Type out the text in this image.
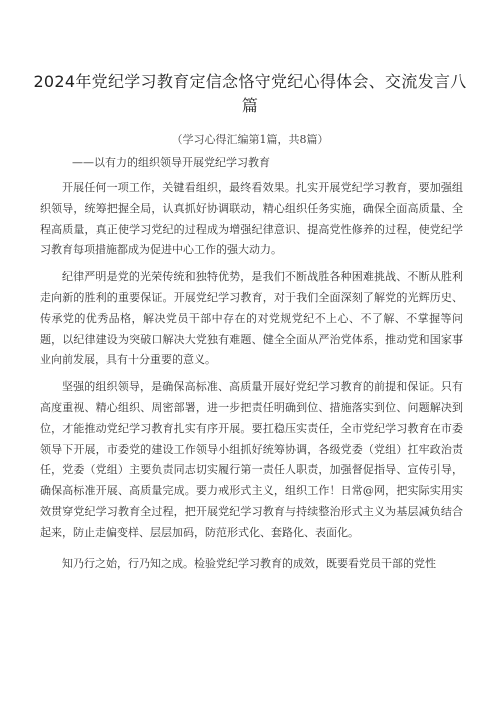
2024年党纪学习教育定信念恪守党纪心得体会、交流发言八篇
（学习心得汇编第1篇，共8篇）
——以有力的组织领导开展党纪学习教育

开展任何一项工作，关键看组织，最终看效果。扎实开展党纪学习教育，要加强组织领导，统筹把握全局，认真抓好协调联动，精心组织任务实施，确保全面高质量、全程高质量，真正使学习党纪的过程成为增强纪律意识、提高党性修养的过程，使党纪学习教育每项措施都成为促进中心工作的强大动力。

纪律严明是党的光荣传统和独特优势，是我们不断战胜各种困难挑战、不断从胜利走向新的胜利的重要保证。开展党纪学习教育，对于我们全面深刻了解党的光辉历史、传承党的优秀品格，解决党员干部中存在的对党规党纪不上心、不了解、不掌握等问题，以纪律建设为突破口解决大党独有难题、健全全面从严治党体系，推动党和国家事业向前发展，具有十分重要的意义。

坚强的组织领导，是确保高标准、高质量开展好党纪学习教育的前提和保证。只有高度重视、精心组织、周密部署，进一步把责任明确到位、措施落实到位、问题解决到位，才能推动党纪学习教育扎实有序开展。要扛稳压实责任，全市党纪学习教育在市委领导下开展，市委党的建设工作领导小组抓好统筹协调，各级党委（党组）扛牢政治责任，党委（党组）主要负责同志切实履行第一责任人职责，加强督促指导、宣传引导，确保高标准开展、高质量完成。要力戒形式主义，组织工作！日常@网，把实际实用实效贯穿党纪学习教育全过程，把开展党纪学习教育与持续整治形式主义为基层减负结合起来，防止走偏变样、层层加码，防范形式化、套路化、表面化。

知乃行之始，行乃知之成。检验党纪学习教育的成效，既要看党员干部的党性
